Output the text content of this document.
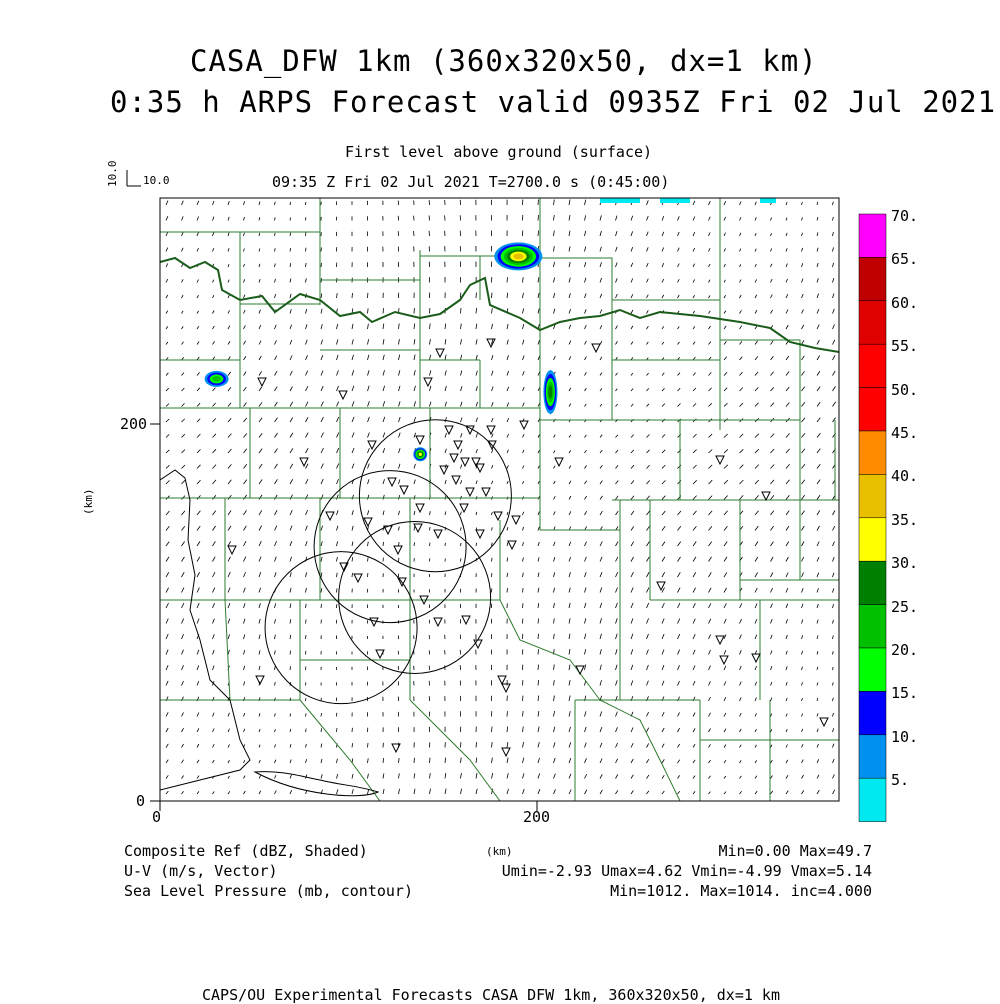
CASA_DFW 1km (360x320x50, dx=1 km)
0:35 h ARPS Forecast valid 0935Z Fri 02 Jul 2021
First level above ground (surface)
09:35 Z Fri 02 Jul 2021 T=2700.0 s (0:45:00)
10.0 10.0
0	200
0
200
(km)
(km)
Composite Ref (dBZ, Shaded)	Min=0.00 Max=49.7
U-V (m/s, Vector)	Umin=-2.93 Umax=4.62 Vmin=-4.99 Vmax=5.14
Sea Level Pressure (mb, contour)	Min=1012. Max=1014. inc=4.000
CAPS/OU Experimental Forecasts CASA DFW 1km, 360x320x50, dx=1 km
70.
65.
60.
55.
50.
45.
40.
35.
30.
25.
20.
15.
10.
5.
